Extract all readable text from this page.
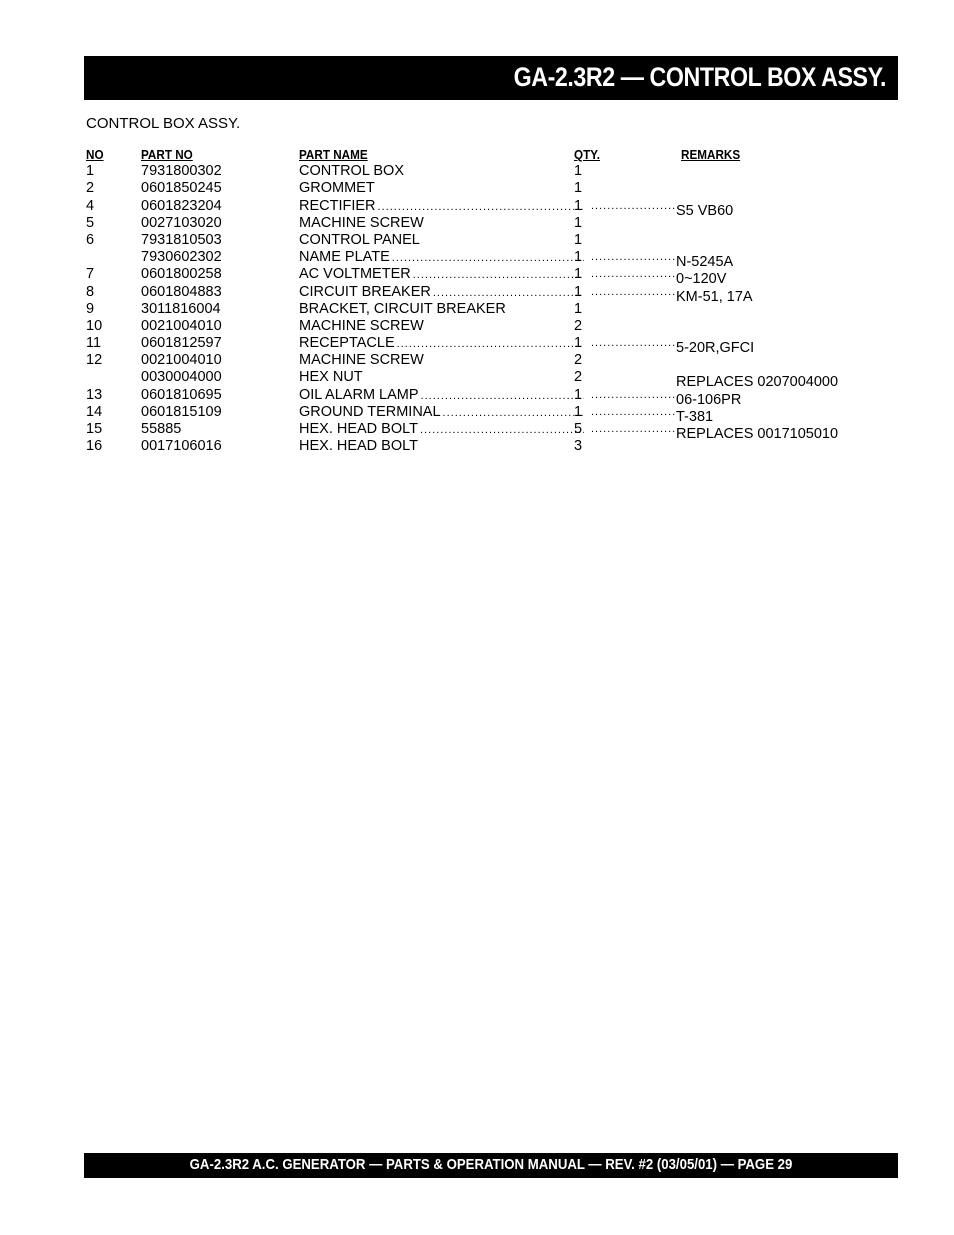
GA-2.3R2 — CONTROL BOX ASSY.
CONTROL BOX ASSY.
NO	PART NO	PART NAME	QTY.	REMARKS
1	7931800302	CONTROL BOX	1
2	0601850245	GROMMET	1
4	0601823204	RECTIFIER .....	1 .....	S5 VB60
5	0027103020	MACHINE SCREW	1
6	7931810503	CONTROL PANEL	1
7930602302	NAME PLATE .....	1 .....	N-5245A
7	0601800258	AC VOLTMETER .....	1 .....	0~120V
8	0601804883	CIRCUIT BREAKER .....	1 .....	KM-51, 17A
9	3011816004	BRACKET, CIRCUIT BREAKER	1
10	0021004010	MACHINE SCREW	2
11	0601812597	RECEPTACLE .....	1 .....	5-20R,GFCI
12	0021004010	MACHINE SCREW	2
0030004000	HEX NUT	2	REPLACES 0207004000
13	0601810695	OIL ALARM LAMP .....	1 .....	06-106PR
14	0601815109	GROUND TERMINAL .....	1 .....	T-381
15	55885	HEX. HEAD BOLT .....	5 .....	REPLACES 0017105010
16	0017106016	HEX. HEAD BOLT	3
GA-2.3R2 A.C. GENERATOR — PARTS & OPERATION MANUAL — REV. #2 (03/05/01) — PAGE 29
